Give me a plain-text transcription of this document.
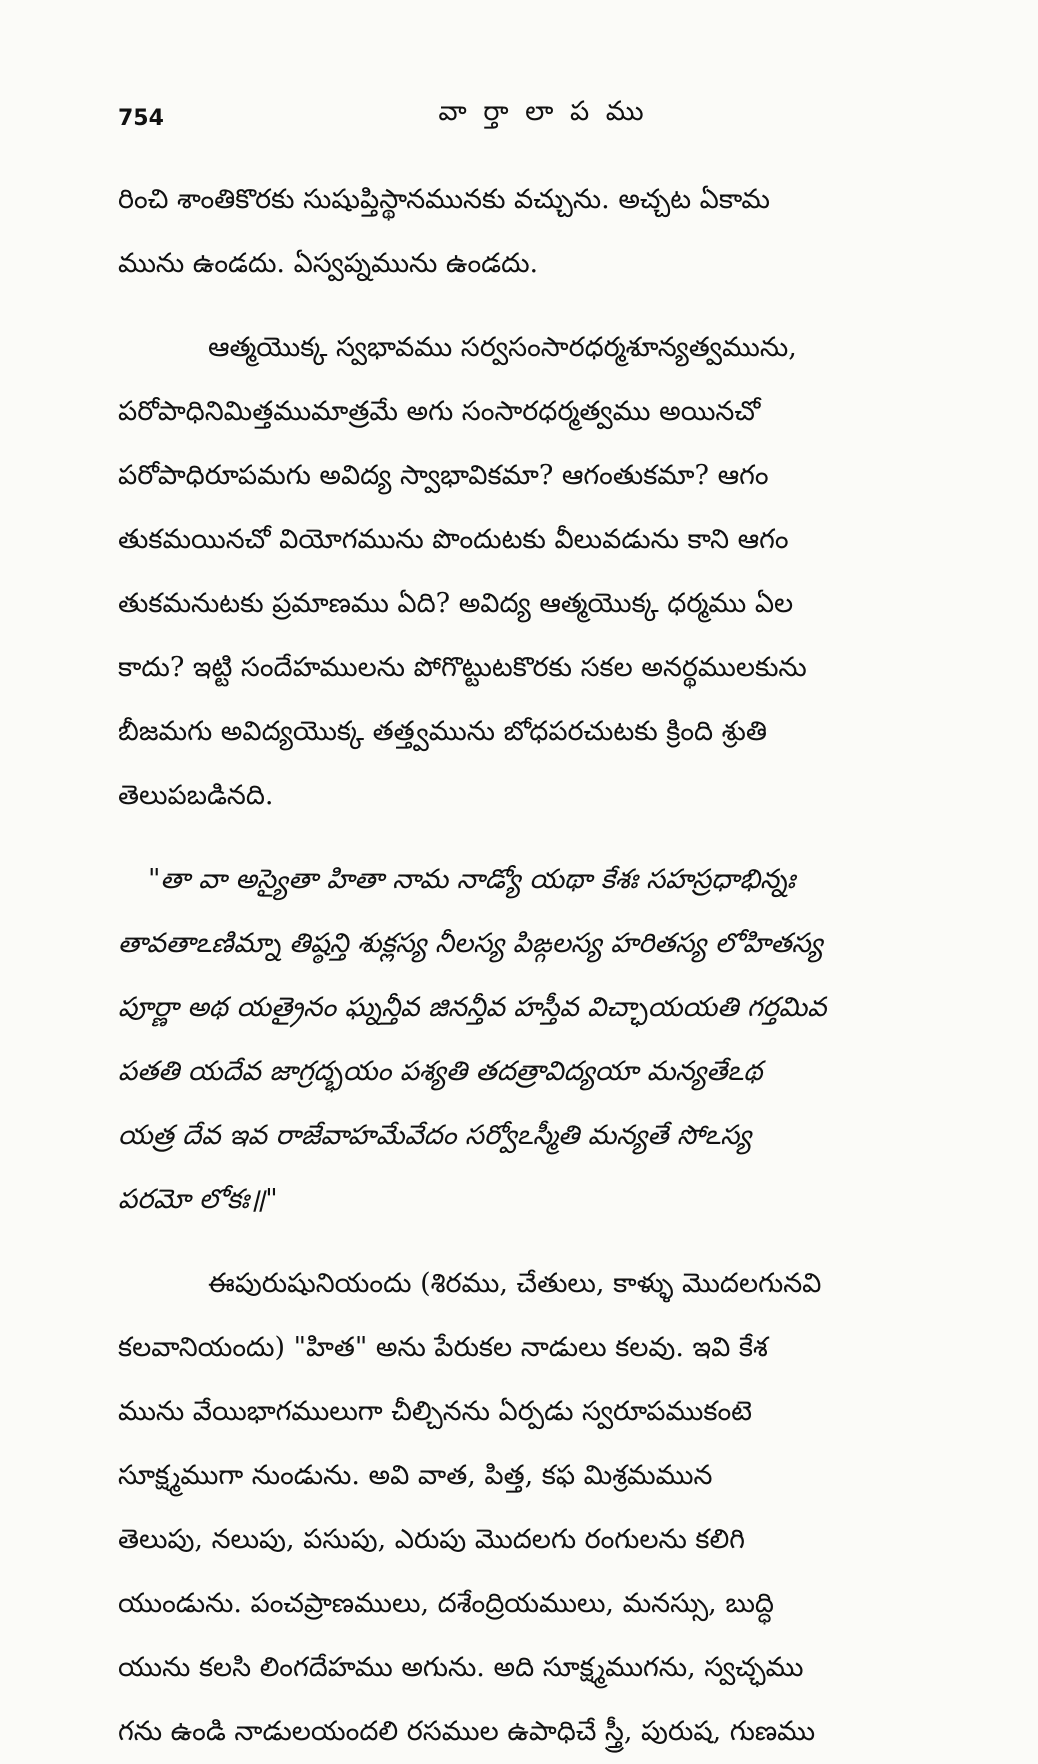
754	వా ర్తా లా ప ము
రించి శాంతికొరకు సుషుప్తిస్థానమునకు వచ్చును. అచ్చట ఏకామ
మును ఉండదు. ఏస్వప్నమును ఉండదు.
ఆత్మయొక్క స్వభావము సర్వసంసారధర్మశూన్యత్వమును,
పరోపాధినిమిత్తముమాత్రమే అగు సంసారధర్మత్వము అయినచో
పరోపాధిరూపమగు అవిద్య స్వాభావికమా? ఆగంతుకమా? ఆగం
తుకమయినచో వియోగమును పొందుటకు వీలువడును కాని ఆగం
తుకమనుటకు ప్రమాణము ఏది? అవిద్య ఆత్మయొక్క ధర్మము ఏల
కాదు? ఇట్టి సందేహములను పోగొట్టుటకొరకు సకల అనర్థములకును
బీజమగు అవిద్యయొక్క తత్త్వమును బోధపరచుటకు క్రింది శ్రుతి
తెలుపబడినది.
"తా వా అస్యైతా హితా నామ నాడ్యో యథా కేశః సహస్రధాభిన్నః
తావతాఽణిమ్నా తిష్ఠన్తి శుక్లస్య నీలస్య పిఙ్గలస్య హరితస్య లోహితస్య
పూర్ణా అథ యత్రైనం ఘ్నన్తీవ జినన్తీవ హస్తీవ విచ్ఛాయయతి గర్తమివ
పతతి యదేవ జాగ్రద్భయం పశ్యతి తదత్రావిద్యయా మన్యతేఽథ
యత్ర దేవ ఇవ రాజేవాహమేవేదం సర్వోఽస్మీతి మన్యతే సోఽస్య
పరమో లోకః॥"
ఈపురుషునియందు (శిరము, చేతులు, కాళ్ళు మొదలగునవి
కలవానియందు) "హిత" అను పేరుకల నాడులు కలవు. ఇవి కేశ
మును వేయిభాగములుగా చీల్చినను ఏర్పడు స్వరూపముకంటె
సూక్ష్మముగా నుండును. అవి వాత, పిత్త, కఫ మిశ్రమమున
తెలుపు, నలుపు, పసుపు, ఎరుపు మొదలగు రంగులను కలిగి
యుండును. పంచప్రాణములు, దశేంద్రియములు, మనస్సు, బుద్ధి
యును కలసి లింగదేహము అగును. అది సూక్ష్మముగను, స్వచ్ఛము
గను ఉండి నాడులయందలి రసముల ఉపాధిచే స్త్రీ, పురుష, గుణము
